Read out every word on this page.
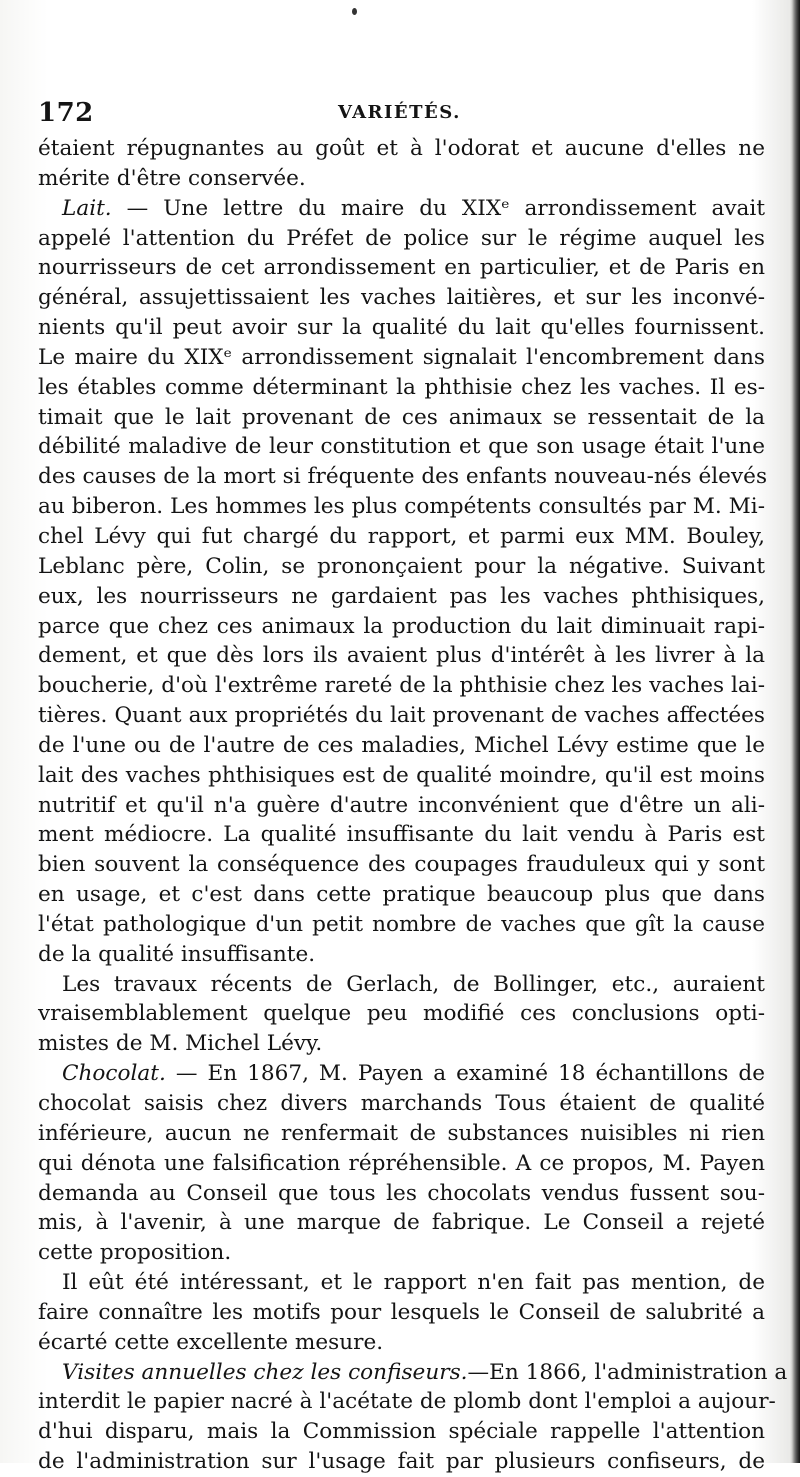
172	VARIÉTÉS.
étaient répugnantes au goût et à l'odorat et aucune d'elles ne
mérite d'être conservée.
Lait. — Une lettre du maire du XIXᵉ arrondissement avait
appelé l'attention du Préfet de police sur le régime auquel les
nourrisseurs de cet arrondissement en particulier, et de Paris en
général, assujettissaient les vaches laitières, et sur les inconvé-
nients qu'il peut avoir sur la qualité du lait qu'elles fournissent.
Le maire du XIXᵉ arrondissement signalait l'encombrement dans
les étables comme déterminant la phthisie chez les vaches. Il es-
timait que le lait provenant de ces animaux se ressentait de la
débilité maladive de leur constitution et que son usage était l'une
des causes de la mort si fréquente des enfants nouveau-nés élevés
au biberon. Les hommes les plus compétents consultés par M. Mi-
chel Lévy qui fut chargé du rapport, et parmi eux MM. Bouley,
Leblanc père, Colin, se prononçaient pour la négative. Suivant
eux, les nourrisseurs ne gardaient pas les vaches phthisiques,
parce que chez ces animaux la production du lait diminuait rapi-
dement, et que dès lors ils avaient plus d'intérêt à les livrer à la
boucherie, d'où l'extrême rareté de la phthisie chez les vaches lai-
tières. Quant aux propriétés du lait provenant de vaches affectées
de l'une ou de l'autre de ces maladies, Michel Lévy estime que le
lait des vaches phthisiques est de qualité moindre, qu'il est moins
nutritif et qu'il n'a guère d'autre inconvénient que d'être un ali-
ment médiocre. La qualité insuffisante du lait vendu à Paris est
bien souvent la conséquence des coupages frauduleux qui y sont
en usage, et c'est dans cette pratique beaucoup plus que dans
l'état pathologique d'un petit nombre de vaches que gît la cause
de la qualité insuffisante.
Les travaux récents de Gerlach, de Bollinger, etc., auraient
vraisemblablement quelque peu modifié ces conclusions opti-
mistes de M. Michel Lévy.
Chocolat. — En 1867, M. Payen a examiné 18 échantillons de
chocolat saisis chez divers marchands Tous étaient de qualité
inférieure, aucun ne renfermait de substances nuisibles ni rien
qui dénota une falsification répréhensible. A ce propos, M. Payen
demanda au Conseil que tous les chocolats vendus fussent sou-
mis, à l'avenir, à une marque de fabrique. Le Conseil a rejeté
cette proposition.
Il eût été intéressant, et le rapport n'en fait pas mention, de
faire connaître les motifs pour lesquels le Conseil de salubrité a
écarté cette excellente mesure.
Visites annuelles chez les confiseurs.—En 1866, l'administration a
interdit le papier nacré à l'acétate de plomb dont l'emploi a aujour-
d'hui disparu, mais la Commission spéciale rappelle l'attention
de l'administration sur l'usage fait par plusieurs confiseurs, de
